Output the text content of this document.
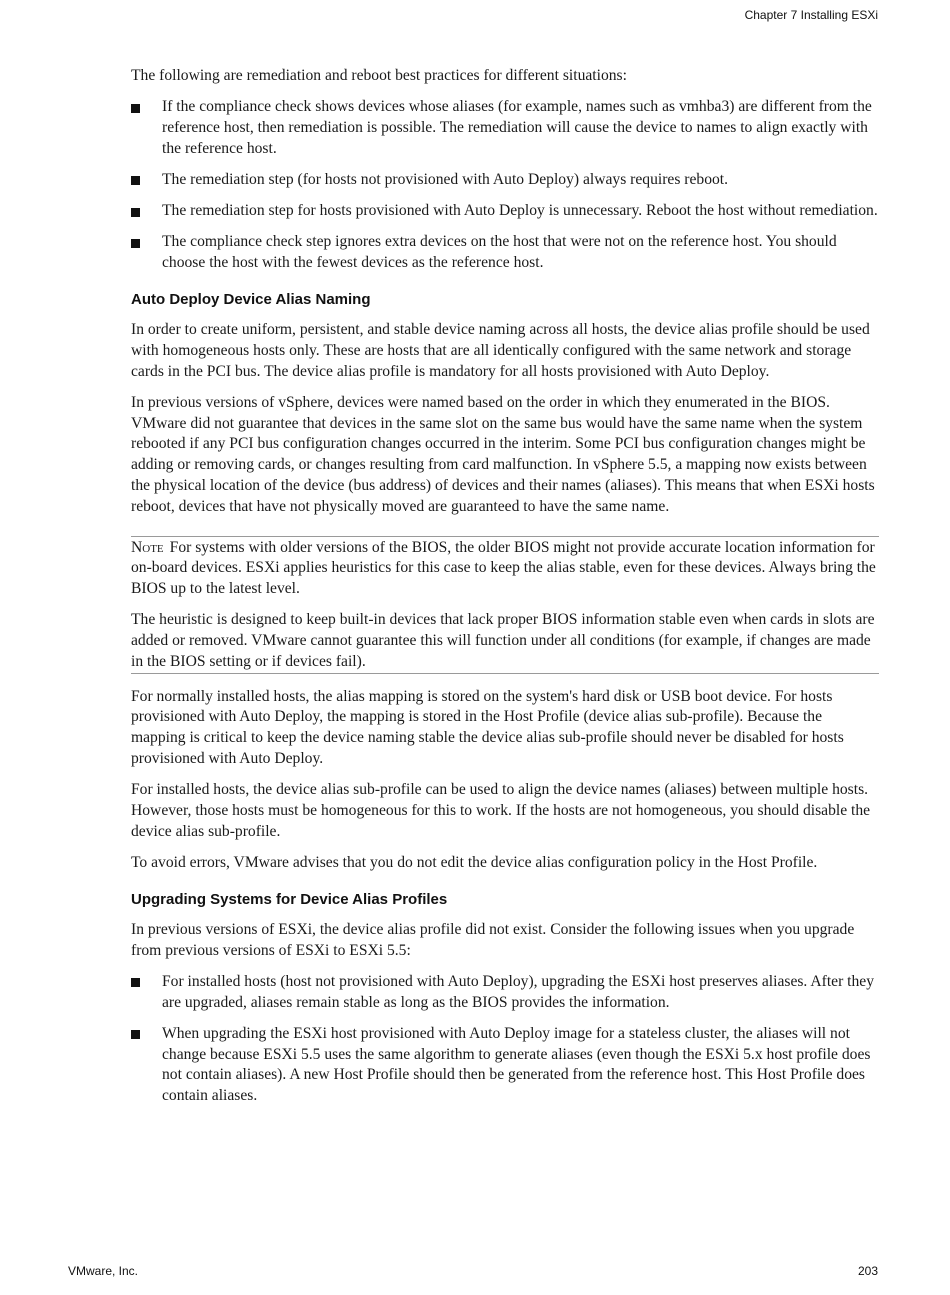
Chapter 7 Installing ESXi

The following are remediation and reboot best practices for different situations:

If the compliance check shows devices whose aliases (for example, names such as vmhba3) are different from the reference host, then remediation is possible. The remediation will cause the device to names to align exactly with the reference host.
The remediation step (for hosts not provisioned with Auto Deploy) always requires reboot.
The remediation step for hosts provisioned with Auto Deploy is unnecessary. Reboot the host without remediation.
The compliance check step ignores extra devices on the host that were not on the reference host. You should choose the host with the fewest devices as the reference host.
Auto Deploy Device Alias Naming

In order to create uniform, persistent, and stable device naming across all hosts, the device alias profile should be used with homogeneous hosts only. These are hosts that are all identically configured with the same network and storage cards in the PCI bus. The device alias profile is mandatory for all hosts provisioned with Auto Deploy.

In previous versions of vSphere, devices were named based on the order in which they enumerated in the BIOS. VMware did not guarantee that devices in the same slot on the same bus would have the same name when the system rebooted if any PCI bus configuration changes occurred in the interim. Some PCI bus configuration changes might be adding or removing cards, or changes resulting from card malfunction. In vSphere 5.5, a mapping now exists between the physical location of the device (bus address) of devices and their names (aliases). This means that when ESXi hosts reboot, devices that have not physically moved are guaranteed to have the same name.

Note For systems with older versions of the BIOS, the older BIOS might not provide accurate location information for on-board devices. ESXi applies heuristics for this case to keep the alias stable, even for these devices. Always bring the BIOS up to the latest level.

The heuristic is designed to keep built-in devices that lack proper BIOS information stable even when cards in slots are added or removed. VMware cannot guarantee this will function under all conditions (for example, if changes are made in the BIOS setting or if devices fail).

For normally installed hosts, the alias mapping is stored on the system's hard disk or USB boot device. For hosts provisioned with Auto Deploy, the mapping is stored in the Host Profile (device alias sub-profile). Because the mapping is critical to keep the device naming stable the device alias sub-profile should never be disabled for hosts provisioned with Auto Deploy.

For installed hosts, the device alias sub-profile can be used to align the device names (aliases) between multiple hosts. However, those hosts must be homogeneous for this to work. If the hosts are not homogeneous, you should disable the device alias sub-profile.

To avoid errors, VMware advises that you do not edit the device alias configuration policy in the Host Profile.

Upgrading Systems for Device Alias Profiles

In previous versions of ESXi, the device alias profile did not exist. Consider the following issues when you upgrade from previous versions of ESXi to ESXi 5.5:

For installed hosts (host not provisioned with Auto Deploy), upgrading the ESXi host preserves aliases. After they are upgraded, aliases remain stable as long as the BIOS provides the information.
When upgrading the ESXi host provisioned with Auto Deploy image for a stateless cluster, the aliases will not change because ESXi 5.5 uses the same algorithm to generate aliases (even though the ESXi 5.x host profile does not contain aliases). A new Host Profile should then be generated from the reference host. This Host Profile does contain aliases.
VMware, Inc.	203
